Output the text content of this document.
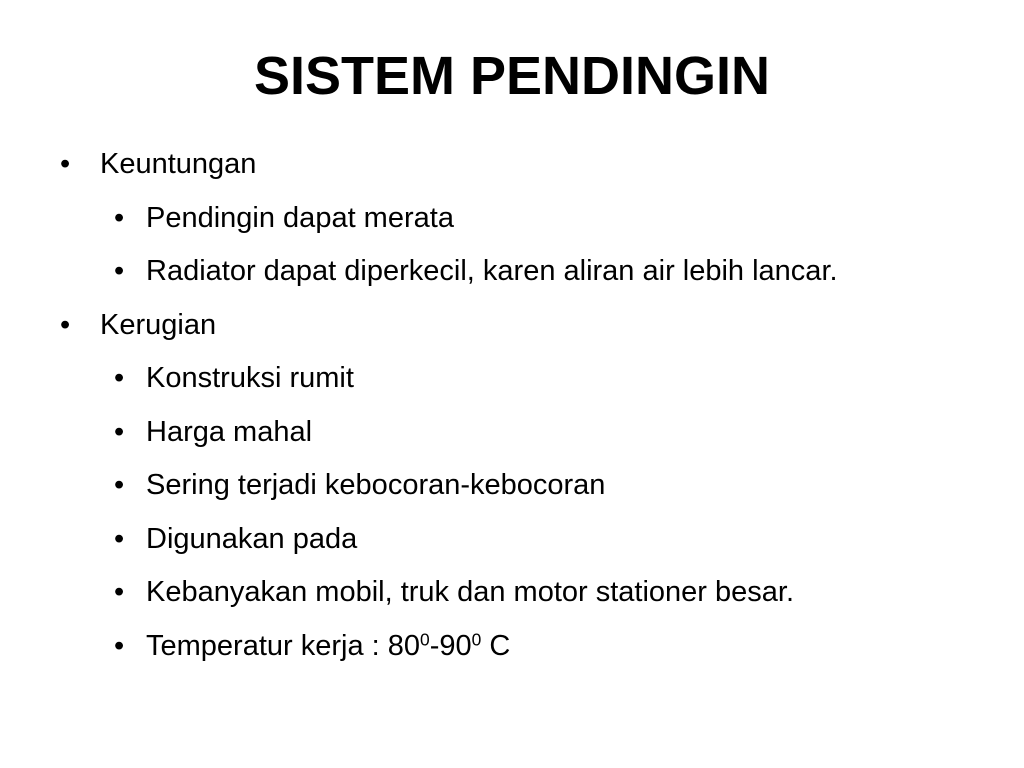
SISTEM PENDINGIN
• Keuntungan
• Pendingin dapat merata
• Radiator dapat diperkecil, karen aliran air lebih lancar.
• Kerugian
• Konstruksi rumit
• Harga mahal
• Sering terjadi kebocoran-kebocoran
• Digunakan pada
• Kebanyakan mobil, truk dan motor stationer besar.
• Temperatur kerja : $80^0-90^0$ C
